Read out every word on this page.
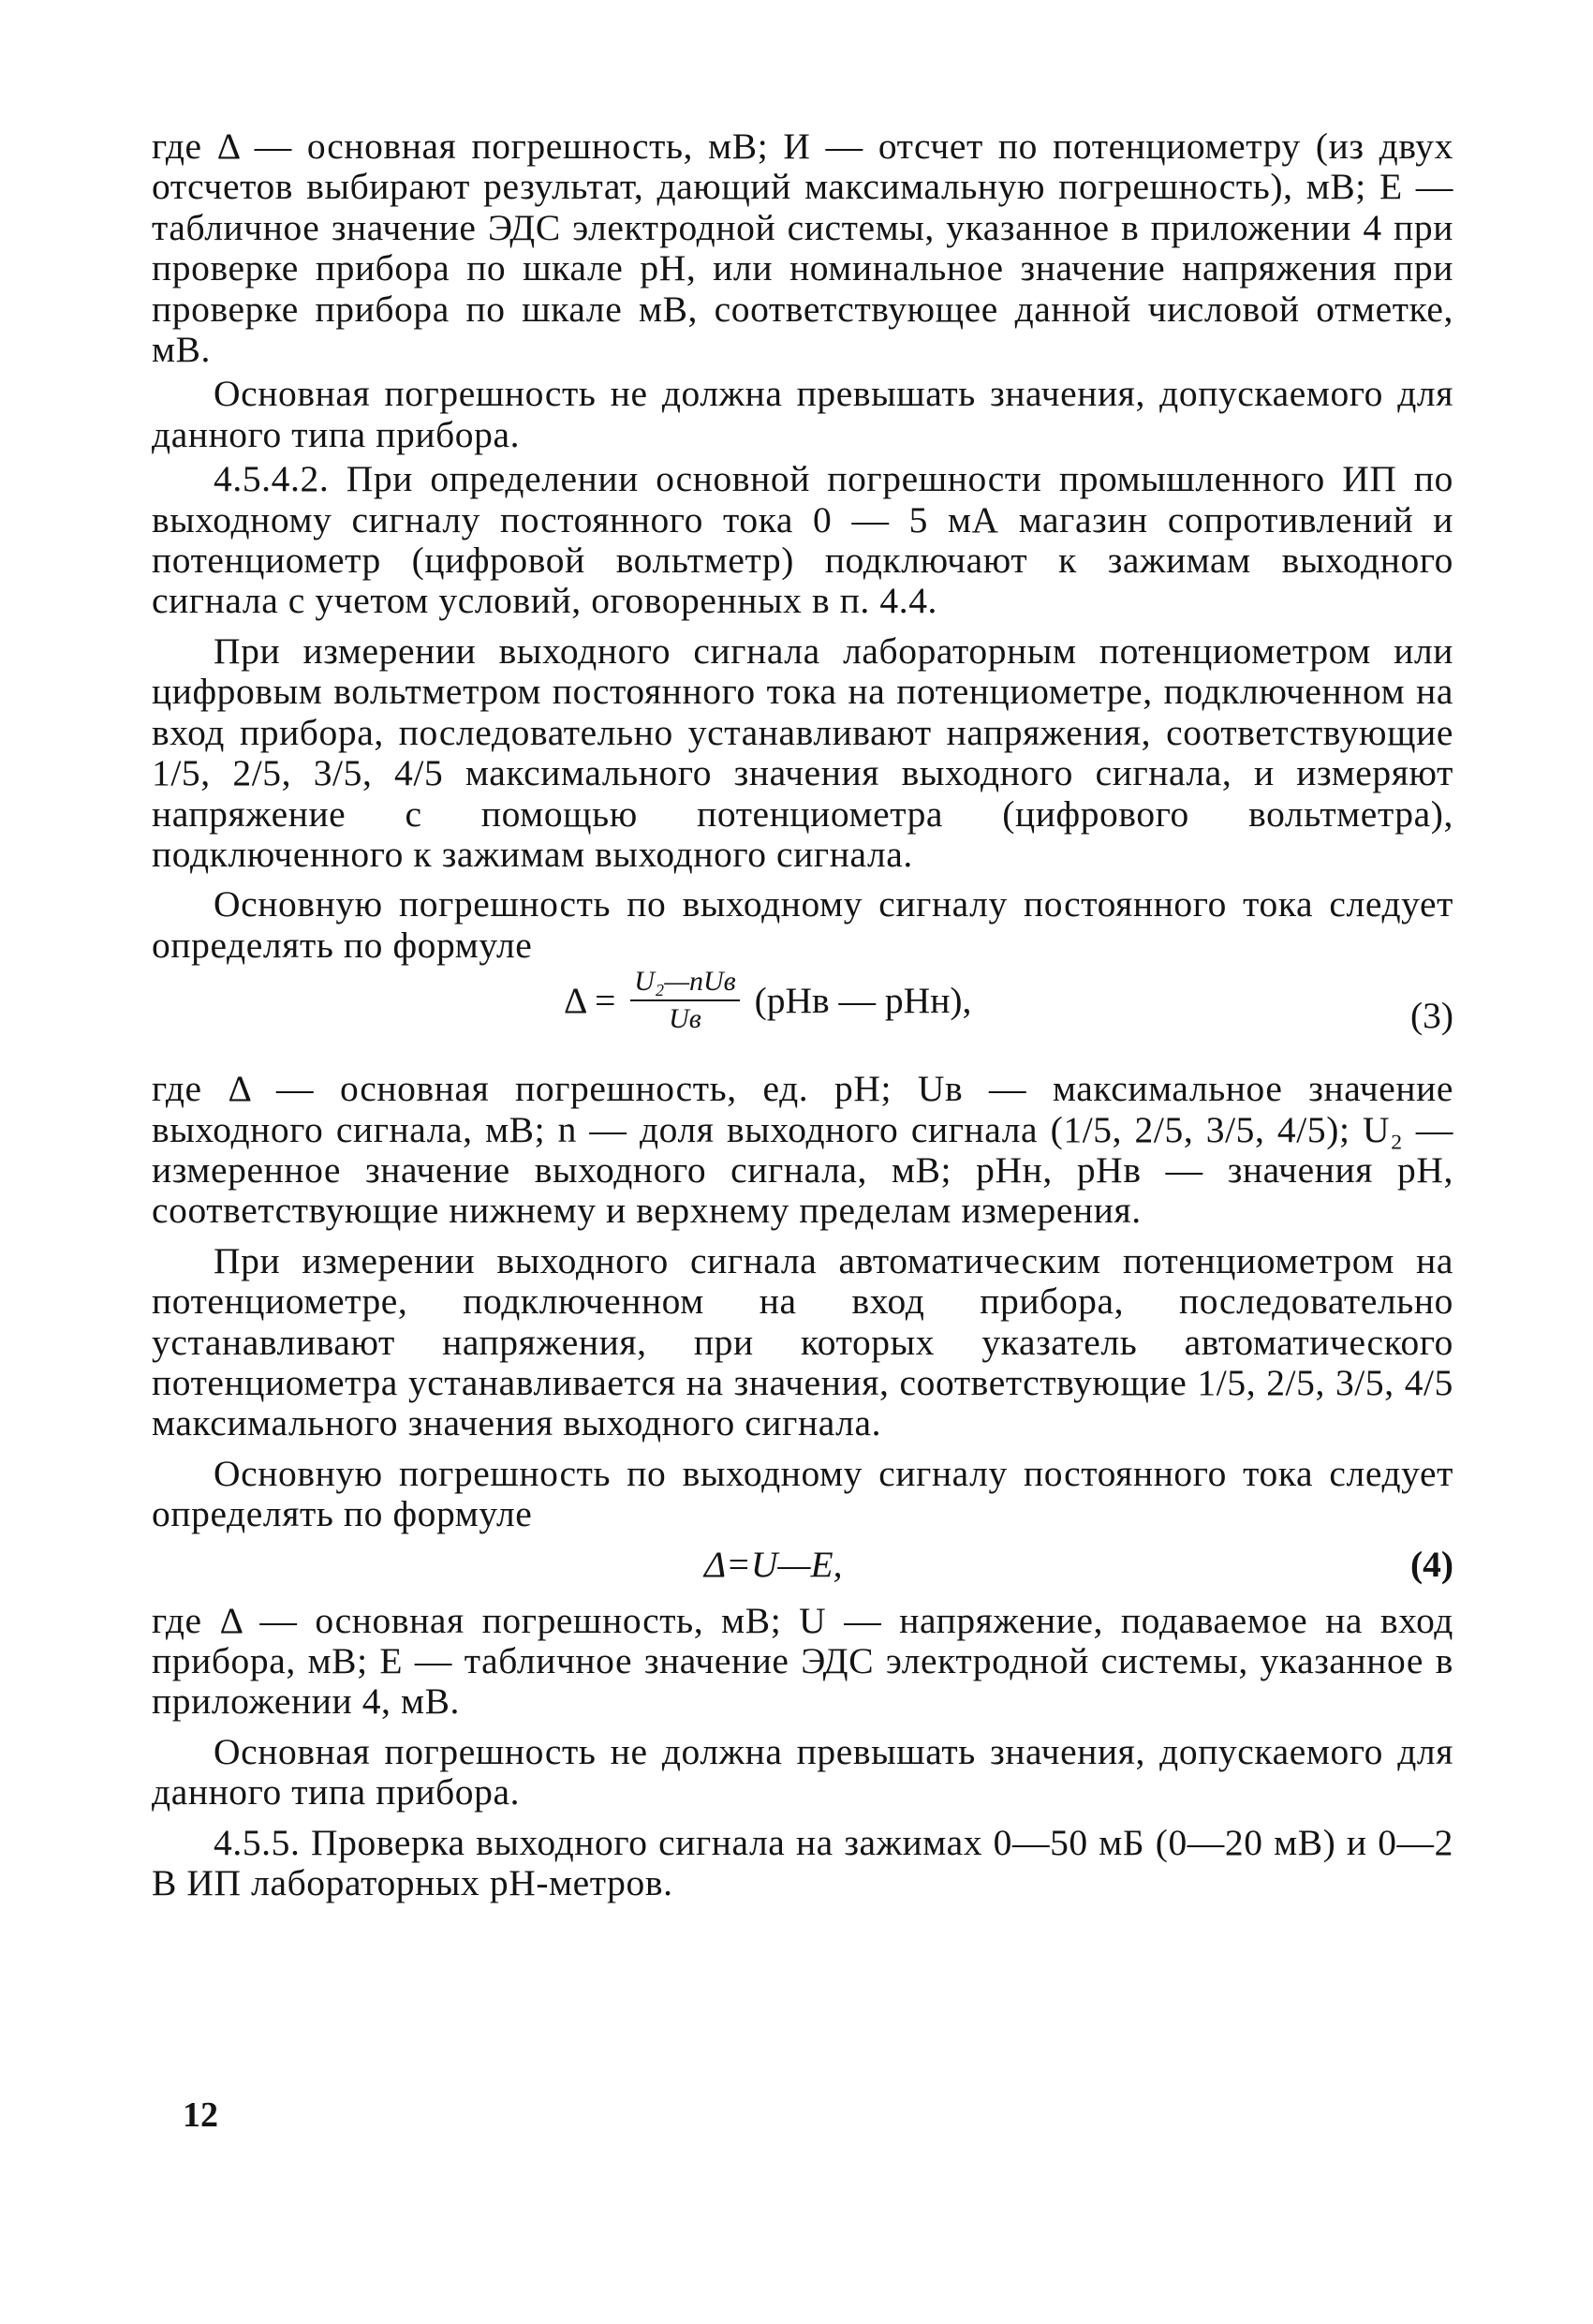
где Δ — основная погрешность, мВ; И — отсчет по потенциометру (из двух отсчетов выбирают результат, дающий максимальную погрешность), мВ; Е — табличное значение ЭДС электродной системы, указанное в приложении 4 при проверке прибора по шкале pH, или номинальное значение напряжения при проверке прибора по шкале мВ, соответствующее данной числовой отметке, мВ.

Основная погрешность не должна превышать значения, допускаемого для данного типа прибора.

4.5.4.2. При определении основной погрешности промышленного ИП по выходному сигналу постоянного тока 0 — 5 мА магазин сопротивлений и потенциометр (цифровой вольтметр) подключают к зажимам выходного сигнала с учетом условий, оговоренных в п. 4.4.

При измерении выходного сигнала лабораторным потенциометром или цифровым вольтметром постоянного тока на потенциометре, подключенном на вход прибора, последовательно устанавливают напряжения, соответствующие 1/5, 2/5, 3/5, 4/5 максимального значения выходного сигнала, и измеряют напряжение с помощью потенциометра (цифрового вольтметра), подключенного к зажимам выходного сигнала.

Основную погрешность по выходному сигналу постоянного тока следует определять по формуле

$\Delta = \frac{\text{U₂—nUв}}{Uв} (pHв$ — pHн),	(3)

где Δ — основная погрешность, ед. pH; Uв — максимальное значение выходного сигнала, мВ; n — доля выходного сигнала (1/5, 2/5, 3/5, 4/5); U₂ — измеренное значение выходного сигнала, мВ; pHн, pHв — значения pH, соответствующие нижнему и верхнему пределам измерения.

При измерении выходного сигнала автоматическим потенциометром на потенциометре, подключенном на вход прибора, последовательно устанавливают напряжения, при которых указатель автоматического потенциометра устанавливается на значения, соответствующие 1/5, 2/5, 3/5, 4/5 максимального значения выходного сигнала.

Основную погрешность по выходному сигналу постоянного тока следует определять по формуле

Δ=U—E,	(4)

где Δ — основная погрешность, мВ; U — напряжение, подаваемое на вход прибора, мВ; Е — табличное значение ЭДС электродной системы, указанное в приложении 4, мВ.

Основная погрешность не должна превышать значения, допускаемого для данного типа прибора.

4.5.5. Проверка выходного сигнала на зажимах 0—50 мБ (0—20 мВ) и 0—2 В ИП лабораторных pH-метров.

12
